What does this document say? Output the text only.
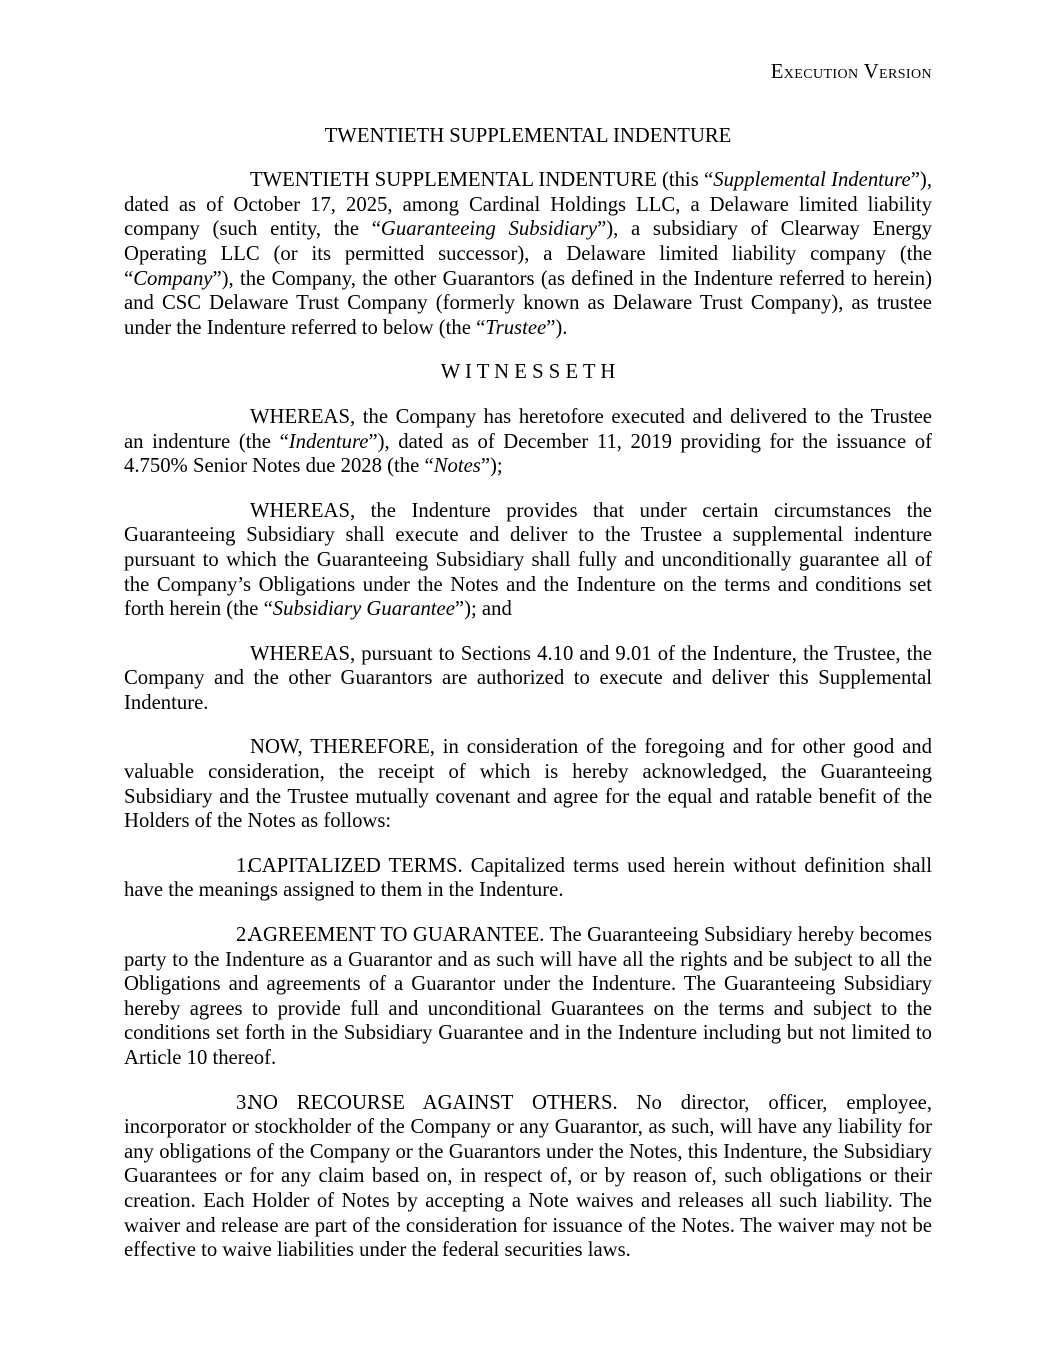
Execution Version
TWENTIETH SUPPLEMENTAL INDENTURE

TWENTIETH SUPPLEMENTAL INDENTURE (this “Supplemental Indenture”), dated as of October 17, 2025, among Cardinal Holdings LLC, a Delaware limited liability company (such entity, the “Guaranteeing Subsidiary”), a subsidiary of Clearway Energy Operating LLC (or its permitted successor), a Delaware limited liability company (the “Company”), the Company, the other Guarantors (as defined in the Indenture referred to herein) and CSC Delaware Trust Company (formerly known as Delaware Trust Company), as trustee under the Indenture referred to below (the “Trustee”).

W I T N E S S E T H

WHEREAS, the Company has heretofore executed and delivered to the Trustee an indenture (the “Indenture”), dated as of December 11, 2019 providing for the issuance of 4.750% Senior Notes due 2028 (the “Notes”);

WHEREAS, the Indenture provides that under certain circumstances the Guaranteeing Subsidiary shall execute and deliver to the Trustee a supplemental indenture pursuant to which the Guaranteeing Subsidiary shall fully and unconditionally guarantee all of the Company’s Obligations under the Notes and the Indenture on the terms and conditions set forth herein (the “Subsidiary Guarantee”); and

WHEREAS, pursuant to Sections 4.10 and 9.01 of the Indenture, the Trustee, the Company and the other Guarantors are authorized to execute and deliver this Supplemental Indenture.

NOW, THEREFORE, in consideration of the foregoing and for other good and valuable consideration, the receipt of which is hereby acknowledged, the Guaranteeing Subsidiary and the Trustee mutually covenant and agree for the equal and ratable benefit of the Holders of the Notes as follows:

1.CAPITALIZED TERMS. Capitalized terms used herein without definition shall have the meanings assigned to them in the Indenture.

2.AGREEMENT TO GUARANTEE. The Guaranteeing Subsidiary hereby becomes party to the Indenture as a Guarantor and as such will have all the rights and be subject to all the Obligations and agreements of a Guarantor under the Indenture. The Guaranteeing Subsidiary hereby agrees to provide full and unconditional Guarantees on the terms and subject to the conditions set forth in the Subsidiary Guarantee and in the Indenture including but not limited to Article 10 thereof.

3.NO RECOURSE AGAINST OTHERS. No director, officer, employee, incorporator or stockholder of the Company or any Guarantor, as such, will have any liability for any obligations of the Company or the Guarantors under the Notes, this Indenture, the Subsidiary Guarantees or for any claim based on, in respect of, or by reason of, such obligations or their creation. Each Holder of Notes by accepting a Note waives and releases all such liability. The waiver and release are part of the consideration for issuance of the Notes. The waiver may not be effective to waive liabilities under the federal securities laws.
